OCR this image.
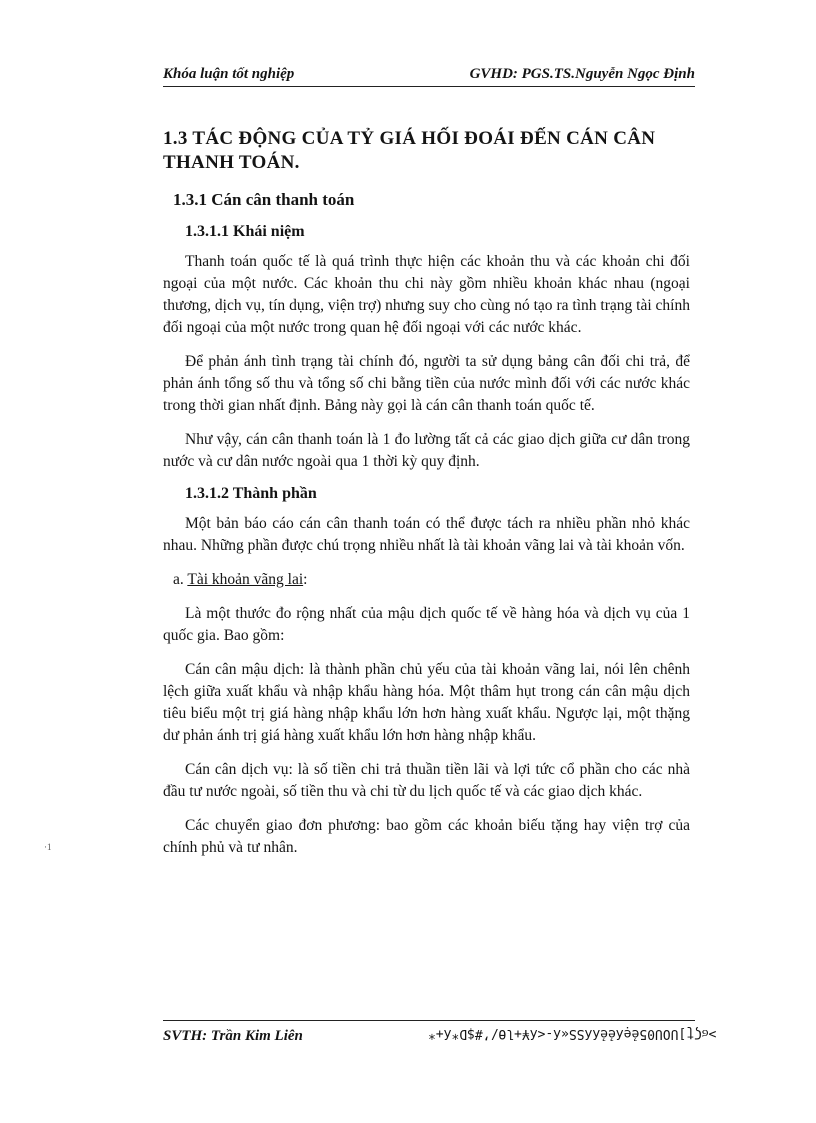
Khóa luận tốt nghiệp	GVHD: PGS.TS.Nguyễn Ngọc Định
1.3 TÁC ĐỘNG CỦA TỶ GIÁ HỐI ĐOÁI ĐẾN CÁN CÂN THANH TOÁN.
1.3.1 Cán cân thanh toán
1.3.1.1 Khái niệm

Thanh toán quốc tế là quá trình thực hiện các khoản thu và các khoản chi đối ngoại của một nước. Các khoản thu chi này gồm nhiều khoản khác nhau (ngoại thương, dịch vụ, tín dụng, viện trợ) nhưng suy cho cùng nó tạo ra tình trạng tài chính đối ngoại của một nước trong quan hệ đối ngoại với các nước khác.

Để phản ánh tình trạng tài chính đó, người ta sử dụng bảng cân đối chi trả, để phản ánh tổng số thu và tổng số chi bằng tiền của nước mình đối với các nước khác trong thời gian nhất định. Bảng này gọi là cán cân thanh toán quốc tế.

Như vậy, cán cân thanh toán là 1 đo lường tất cả các giao dịch giữa cư dân trong nước và cư dân nước ngoài qua 1 thời kỳ quy định.

1.3.1.2 Thành phần

Một bản báo cáo cán cân thanh toán có thể được tách ra nhiều phần nhỏ khác nhau. Những phần được chú trọng nhiều nhất là tài khoản vãng lai và tài khoản vốn.

a. Tài khoản vãng lai:

Là một thước đo rộng nhất của mậu dịch quốc tế về hàng hóa và dịch vụ của 1 quốc gia. Bao gồm:

Cán cân mậu dịch: là thành phần chủ yếu của tài khoản vãng lai, nói lên chênh lệch giữa xuất khẩu và nhập khẩu hàng hóa. Một thâm hụt trong cán cân mậu dịch tiêu biểu một trị giá hàng nhập khẩu lớn hơn hàng xuất khẩu. Ngược lại, một thặng dư phản ánh trị giá hàng xuất khẩu lớn hơn hàng nhập khẩu.

Cán cân dịch vụ: là số tiền chi trả thuần tiền lãi và lợi tức cổ phần cho các nhà đầu tư nước ngoài, số tiền thu và chi từ du lịch quốc tế và các giao dịch khác.

Các chuyển giao đơn phương: bao gồm các khoản biếu tặng hay viện trợ của chính phủ và tư nhân.

·1
SVTH: Trần Kim Liên	>ϭϚʈ]UOU05ẻẹʎẻẻʎʎSS«ʎ-<ʎ¥+lϴ/ʼ#$D*ʎ+*
